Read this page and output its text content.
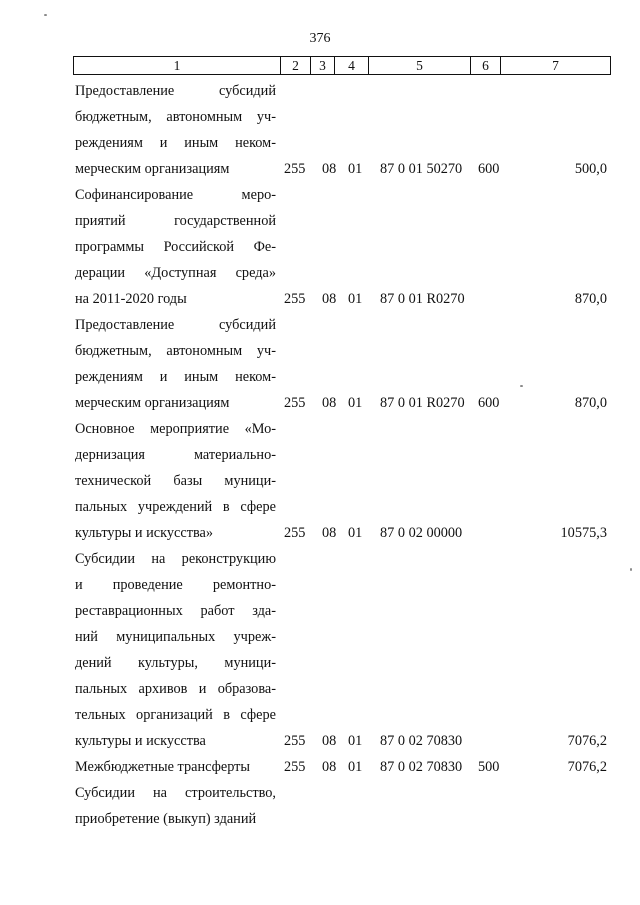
376
1	2	3	4	5	6	7
Предоставление субсидий
бюджетным, автономным уч-
реждениям и иным неком-
мерческим организациям	255 08 01 87 0 01 50270 600	500,0
Софинансирование меро-
приятий государственной
программы Российской Фе-
дерации «Доступная среда»
на 2011-2020 годы	255 08 01 87 0 01 R0270	870,0
Предоставление субсидий
бюджетным, автономным уч-
реждениям и иным неком-
мерческим организациям	255 08 01 87 0 01 R0270 600	870,0
Основное мероприятие «Мо-
дернизация материально-
технической базы муници-
пальных учреждений в сфере
культуры и искусства»	255 08 01 87 0 02 00000	10575,3
Субсидии на реконструкцию
и проведение ремонтно-
реставрационных работ зда-
ний муниципальных учреж-
дений культуры, муници-
пальных архивов и образова-
тельных организаций в сфере
культуры и искусства	255 08 01 87 0 02 70830	7076,2
Межбюджетные трансферты	255 08 01 87 0 02 70830 500	7076,2
Субсидии на строительство,
приобретение (выкуп) зданий
